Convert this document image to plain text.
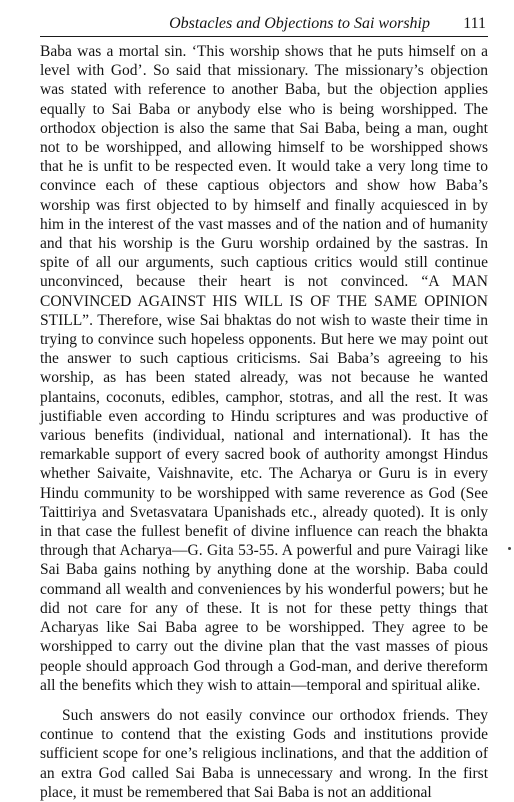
Obstacles and Objections to Sai worship 111

Baba was a mortal sin. ‘This worship shows that he puts himself on a level with God’. So said that missionary. The missionary’s objection was stated with reference to another Baba, but the objection applies equally to Sai Baba or anybody else who is being worshipped. The orthodox objection is also the same that Sai Baba, being a man, ought not to be worshipped, and allowing himself to be worshipped shows that he is unfit to be respected even. It would take a very long time to convince each of these captious objectors and show how Baba’s worship was first objected to by himself and finally acquiesced in by him in the interest of the vast masses and of the nation and of humanity and that his worship is the Guru worship ordained by the sastras. In spite of all our arguments, such captious critics would still continue unconvinced, because their heart is not convinced. “A MAN CONVINCED AGAINST HIS WILL IS OF THE SAME OPINION STILL”. Therefore, wise Sai bhaktas do not wish to waste their time in trying to convince such hopeless opponents. But here we may point out the answer to such captious criticisms. Sai Baba’s agreeing to his worship, as has been stated already, was not because he wanted plantains, coconuts, edibles, camphor, stotras, and all the rest. It was justifiable even according to Hindu scriptures and was productive of various benefits (individual, national and international). It has the remarkable support of every sacred book of authority amongst Hindus whether Saivaite, Vaishnavite, etc. The Acharya or Guru is in every Hindu community to be worshipped with same reverence as God (See Taittiriya and Svetasvatara Upanishads etc., already quoted). It is only in that case the fullest benefit of divine influence can reach the bhakta through that Acharya—G. Gita 53-55. A powerful and pure Vairagi like Sai Baba gains nothing by anything done at the worship. Baba could command all wealth and conveniences by his wonderful powers; but he did not care for any of these. It is not for these petty things that Acharyas like Sai Baba agree to be worshipped. They agree to be worshipped to carry out the divine plan that the vast masses of pious people should approach God through a God-man, and derive thereform all the benefits which they wish to attain—temporal and spiritual alike.

Such answers do not easily convince our orthodox friends. They continue to contend that the existing Gods and institutions provide sufficient scope for one’s religious inclinations, and that the addition of an extra God called Sai Baba is unnecessary and wrong. In the first place, it must be remembered that Sai Baba is not an additional
